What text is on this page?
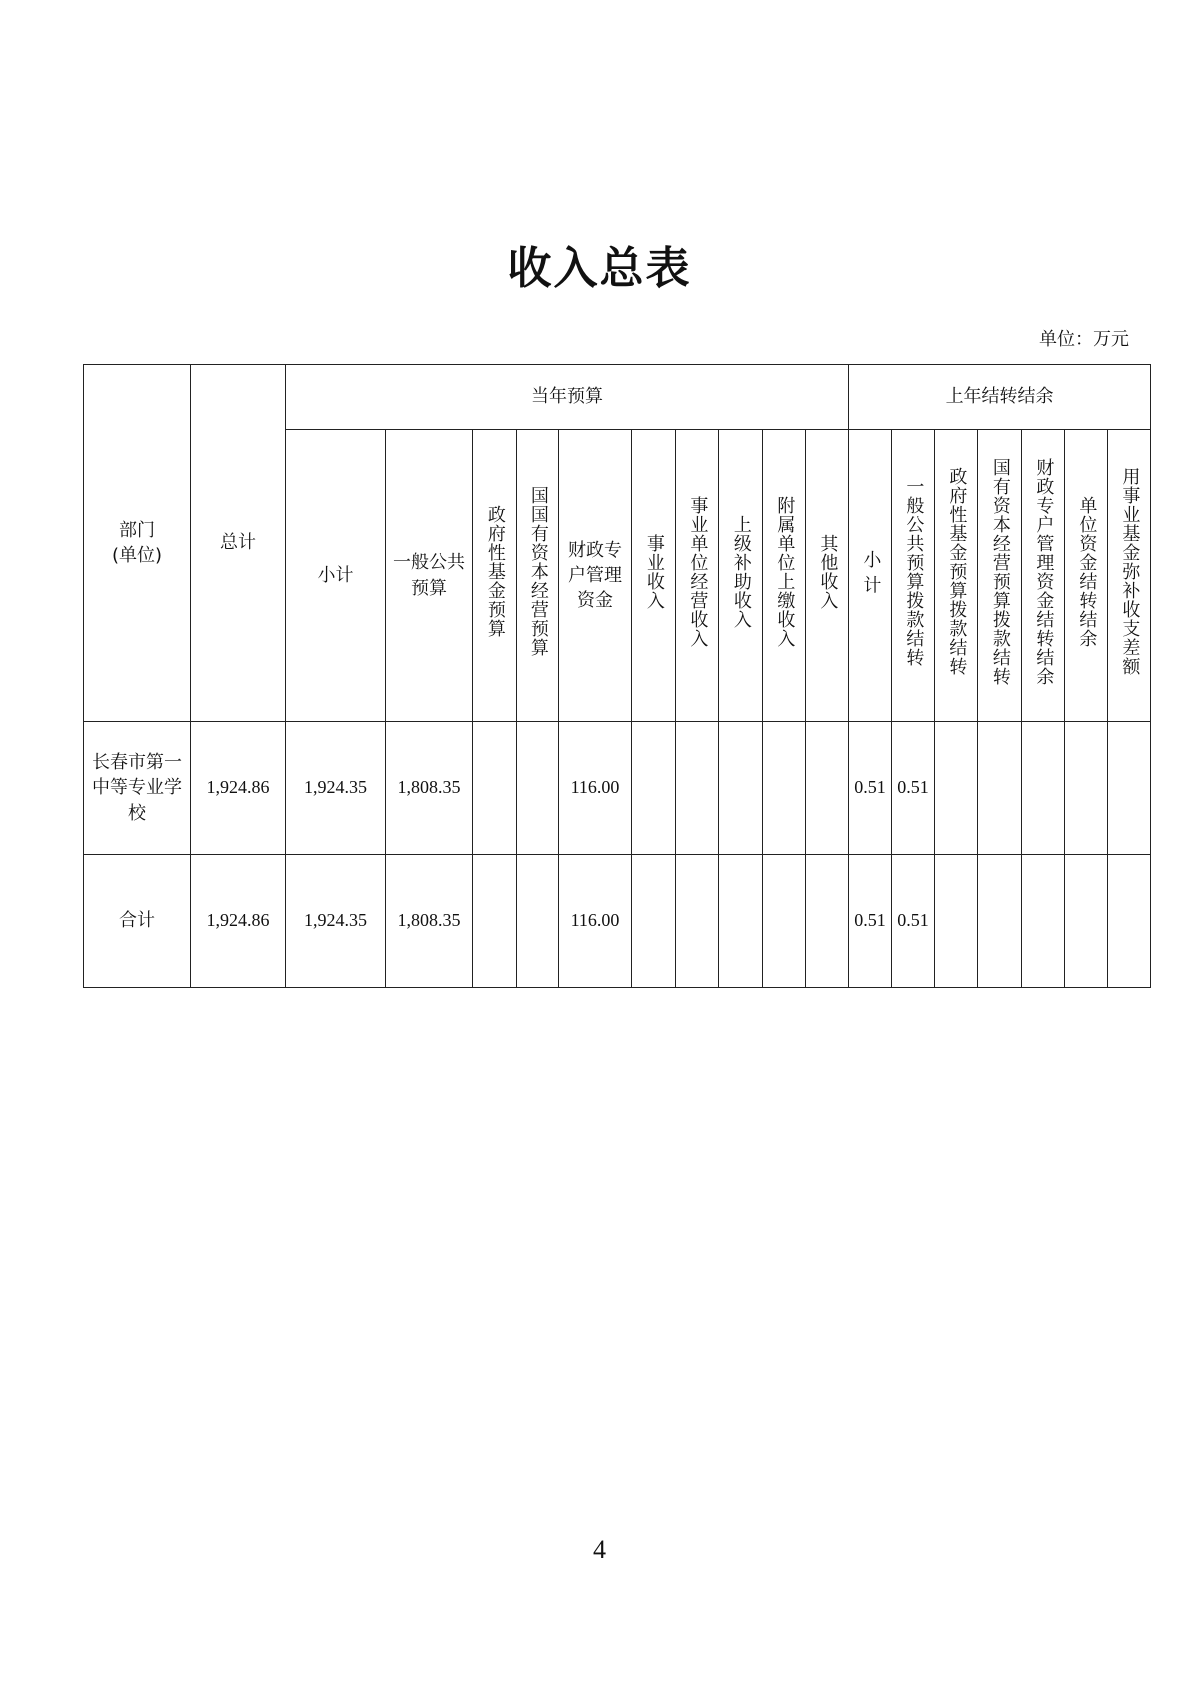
收入总表
单位：万元
部门
(单位)	总计	当年预算										上年结转结余						
		小计	一般公共预算	政府性基金预算	国国有资本经营预算	财政专户管理资金	事业收入	事业单位经营收入	上级补助收入	附属单位上缴收入	其他收入	小 计	一般公共预算拨款结转	政府性基金预算拨款结转	国有资本经营预算拨款结转	财政专户管理资金结转结余	单位资金结转结余	用事业基金弥补收支差额
长春市第一中等专业学校	1,924.86	1,924.35	1,808.35			116.00						0.51	0.51					
合计	1,924.86	1,924.35	1,808.35			116.00						0.51	0.51					
4
